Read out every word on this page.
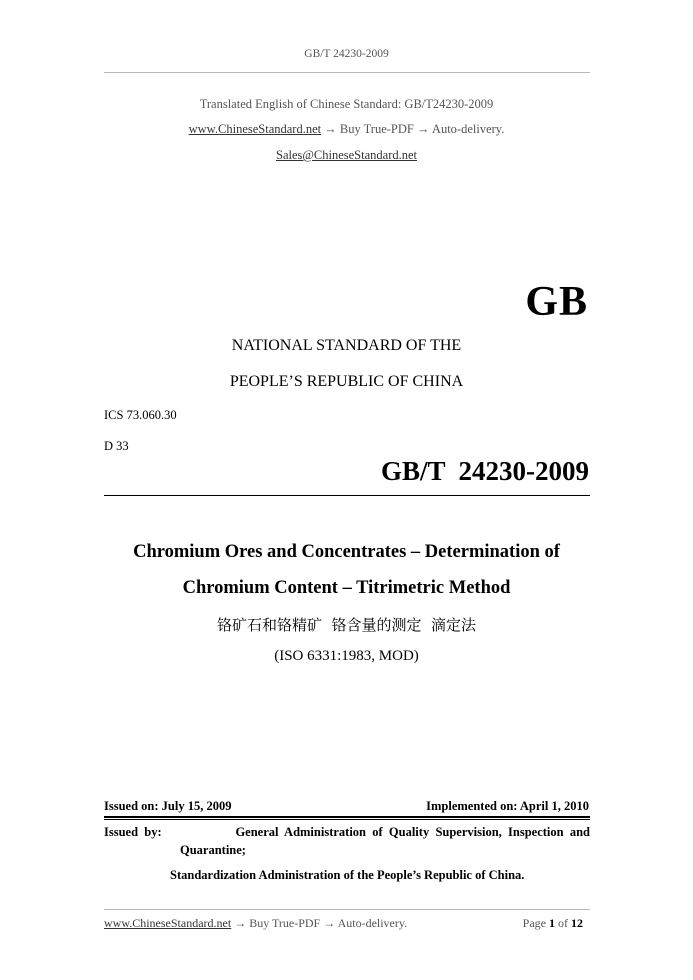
GB/T 24230-2009
Translated English of Chinese Standard: GB/T24230-2009
www.ChineseStandard.net → Buy True-PDF → Auto-delivery.
Sales@ChineseStandard.net
GB
NATIONAL STANDARD OF THE
PEOPLE’S REPUBLIC OF CHINA
ICS 73.060.30
D 33
GB/T  24230-2009
Chromium Ores and Concentrates – Determination of
Chromium Content – Titrimetric Method
铬矿石和铬精矿  铬含量的测定  滴定法
(ISO 6331:1983, MOD)
Issued on: July 15, 2009	Implemented on: April 1, 2010
Issued  by:	General  Administration  of  Quality  Supervision,  Inspection  and
Quarantine;
Standardization Administration of the People’s Republic of China.
www.ChineseStandard.net → Buy True-PDF → Auto-delivery.	Page 1 of 12
